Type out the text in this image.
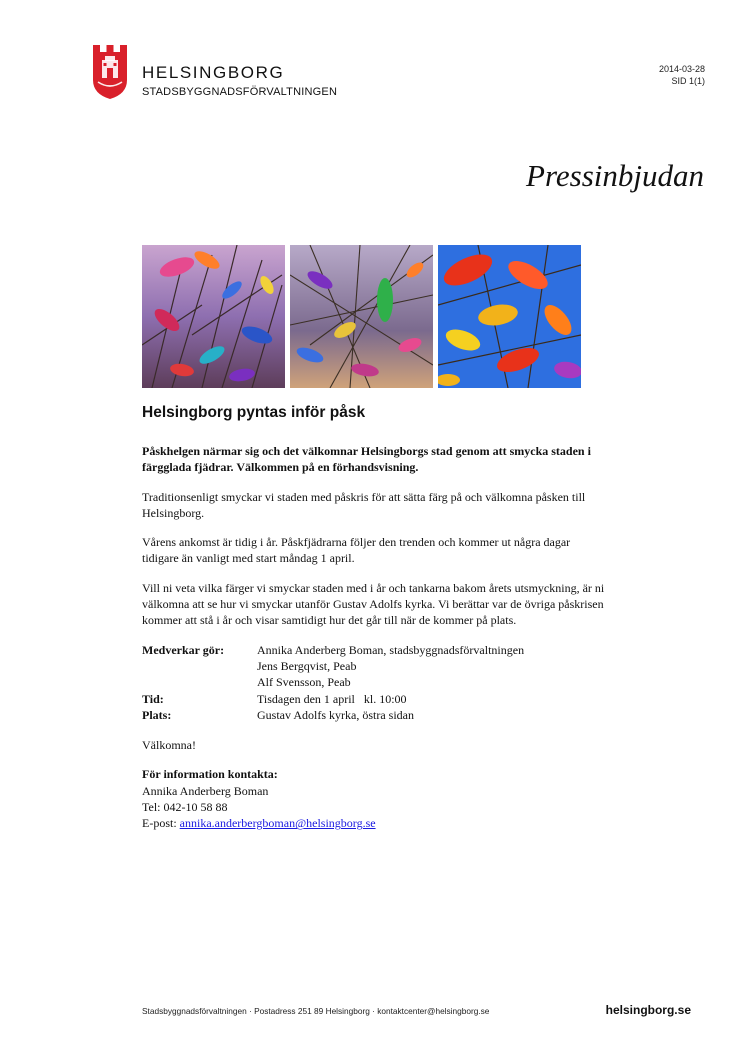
HELSINGBORG
STADSBYGGNADSFÖRVALTNINGEN
2014-03-28
SID 1(1)
Pressinbjudan
Helsingborg pyntas inför påsk

Påskhelgen närmar sig och det välkomnar Helsingborgs stad genom att smycka staden i färgglada fjädrar. Välkommen på en förhandsvisning.

Traditionsenligt smyckar vi staden med påskris för att sätta färg på och välkomna påsken till Helsingborg.

Vårens ankomst är tidig i år. Påskfjädrarna följer den trenden och kommer ut några dagar tidigare än vanligt med start måndag 1 april.

Vill ni veta vilka färger vi smyckar staden med i år och tankarna bakom årets utsmyckning, är ni välkomna att se hur vi smyckar utanför Gustav Adolfs kyrka. Vi berättar var de övriga påskrisen kommer att stå i år och visar samtidigt hur det går till när de kommer på plats.

Medverkar gör:	Annika Anderberg Boman, stadsbyggnadsförvaltningen
	Jens Bergqvist, Peab
	Alf Svensson, Peab
Tid:	Tisdagen den 1 april   kl. 10:00
Plats:	Gustav Adolfs kyrka, östra sidan

Välkomna!

För information kontakta:
Annika Anderberg Boman
Tel: 042-10 58 88
E-post: annika.anderbergboman@helsingborg.se
Stadsbyggnadsförvaltningen · Postadress 251 89 Helsingborg · kontaktcenter@helsingborg.se	helsingborg.se
